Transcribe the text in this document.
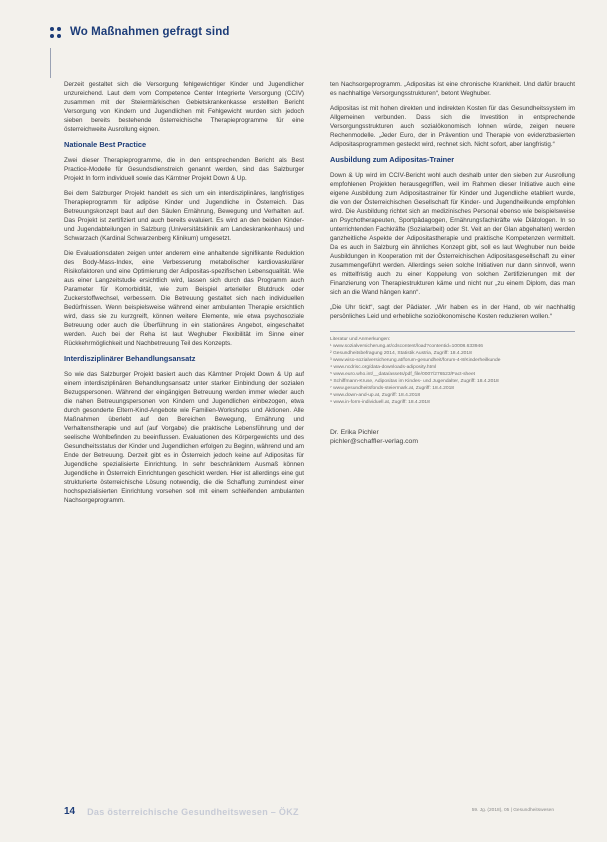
Wo Maßnahmen gefragt sind

Derzeit gestaltet sich die Versorgung fehlgewichtiger Kinder und Jugendlicher unzureichend. Laut dem vom Competence Center Integrierte Versorgung (CCIV) zusammen mit der Steiermärkischen Gebietskrankenkasse erstellten Bericht Versorgung von Kindern und Jugendlichen mit Fehlgewicht wurden sich jedoch sieben bereits bestehende österreichische Therapieprogramme für eine österreichweite Ausrollung eignen.

Nationale Best Practice

Zwei dieser Therapieprogramme, die in den entsprechenden Bericht als Best Practice-Modelle für Gesundsdienstreich genannt werden, sind das Salzburger Projekt In form individuell sowie das Kärntner Projekt Down & Up.

Bei dem Salzburger Projekt handelt es sich um ein interdisziplinäres, langfristiges Therapieprogramm für adipöse Kinder und Jugendliche in Österreich. Das Betreuungskonzept baut auf den Säulen Ernährung, Bewegung und Verhalten auf. Das Projekt ist zertifiziert und auch bereits evaluiert. Es wird an den beiden Kinder- und Jugendabteilungen in Salzburg (Universitätsklinik am Landeskrankenhaus) und Schwarzach (Kardinal Schwarzenberg Klinikum) umgesetzt.

Die Evaluationsdaten zeigen unter anderem eine anhaltende signifikante Reduktion des Body-Mass-Index, eine Verbesserung metabolischer kardiovaskulärer Risikofaktoren und eine Optimierung der Adipositas-spezifischen Lebensqualität. Wie aus einer Langzeitstudie ersichtlich wird, lassen sich durch das Programm auch Parameter für Komorbidität, wie zum Beispiel arterieller Blutdruck oder Zuckerstoffwechsel, verbessern. Die Betreuung gestaltet sich nach individuellen Bedürfnissen. Wenn beispielsweise während einer ambulanten Therapie ersichtlich wird, dass sie zu kurzgreift, können weitere Elemente, wie etwa psychosoziale Betreuung oder auch die Überführung in ein stationäres Angebot, eingeschaltet werden. Auch bei der Reha ist laut Weghuber Flexibilität im Sinne einer Rückkehrmöglichkeit und Nachbetreuung Teil des Konzepts.

Interdisziplinärer Behandlungsansatz

So wie das Salzburger Projekt basiert auch das Kärntner Projekt Down & Up auf einem interdisziplinären Behandlungsansatz unter starker Einbindung der sozialen Bezugspersonen. Während der eingängigen Betreuung werden immer wieder auch die nahen Betreuungspersonen von Kindern und Jugendlichen einbezogen, etwa durch gesonderte Eltern-Kind-Angebote wie Familien-Workshops und Aktionen. Alle Maßnahmen überlebt auf den Bereichen Bewegung, Ernährung und Verhaltenstherapie und auf (auf Vorgabe) die praktische Lebensführung und der seelische Wohlbefinden zu beeinflussen. Evaluationen des Körpergewichts und des Gesundheitsstatus der Kinder und Jugendlichen erfolgen zu Beginn, während und am Ende der Betreuung. Derzeit gibt es in Österreich jedoch keine auf Adipositas für Jugendliche spezialisierte Einrichtung. In sehr beschränktem Ausmaß können Jugendliche in Österreich Einrichtungen geschickt werden. Hier ist allerdings eine gut strukturierte österreichische Lösung notwendig, die die Schaffung zumindest einer hochspezialisierten Einrichtung vorsehen soll mit einem schleifenden ambulanten Nachsorgeprogramm.

ten Nachsorgeprogramm. „Adipositas ist eine chronische Krankheit. Und dafür braucht es nachhaltige Versorgungsstrukturen“, betont Weghuber.

Adipositas ist mit hohen direkten und indirekten Kosten für das Gesundheitssystem im Allgemeinen verbunden. Dass sich die Investition in entsprechende Versorgungsstrukturen auch sozialökonomisch lohnen würde, zeigen neuere Rechenmodelle. „Jeder Euro, der in Prävention und Therapie von evidenzbasierten Adipositasprogrammen gesteckt wird, rechnet sich. Nicht sofort, aber langfristig.“

Ausbildung zum Adipositas-Trainer

Down & Up wird im CCIV-Bericht wohl auch deshalb unter den sieben zur Ausrollung empfohlenen Projekten herausgegriffen, weil im Rahmen dieser Initiative auch eine eigene Ausbildung zum Adipositastrainer für Kinder und Jugendliche etabliert wurde, die von der Österreichischen Gesellschaft für Kinder- und Jugendheilkunde empfohlen wird. Die Ausbildung richtet sich an medizinisches Personal ebenso wie beispielsweise an Psychotherapeuten, Sportpädagogen, Ernährungsfachkräfte wie Diätologen. In so unterrichtenden Fachkräfte (Sozialarbeit) oder St. Veit an der Glan abgehalten) werden ganzheitliche Aspekte der Adipositastherapie und praktische Kompetenzen vermittelt. Da es auch in Salzburg ein ähnliches Konzept gibt, soll es laut Weghuber nun beide Ausbildungen in Kooperation mit der Österreichischen Adipositasgesellschaft zu einer zusammengeführt werden. Allerdings seien solche Initiativen nur dann sinnvoll, wenn es mittelfristig auch zu einer Koppelung von solchen Zertifizierungen mit der Finanzierung von Therapiestrukturen käme und nicht nur „zu einem Diplom, das man sich an die Wand hängen kann“.

„Die Uhr tickt“, sagt der Pädiater. „Wir haben es in der Hand, ob wir nachhaltig persönliches Leid und erhebliche sozioökonomische Kosten reduzieren wollen.“

Literatur und Anmerkungen:
¹ www.sozialversicherung.at/cdscontent/load?contentid=10008.633946
² Gesundheitsbefragung 2014, Statistik Austria, Zugriff: 18.4.2018
³ www.wiso-sozialversicherung.at/forum-gesundheit/forum-4-8/Kinderheilkunde
⁴ www.ncdrisc.org/data-downloads-adiposity.html
⁵ www.euro.who.int/__data/assets/pdf_file/0007/276523/Fact-sheet
⁶ Schiffmann-Kruse, Adipositas im Kindes- und Jugendalter, Zugriff: 18.4.2018
⁷ www.gesundheitsfonds-steiermark.at, Zugriff: 18.4.2018
⁸ www.down-and-up.at, Zugriff: 18.4.2018
⁹ www.in-form-individuell.at, Zugriff: 18.4.2018
Dr. Erika Pichler
pichler@schaffler-verlag.com
14 Das österreichische Gesundheitswesen – ÖKZ	59. Jg. (2018), 05 | Gesundheitswesen
